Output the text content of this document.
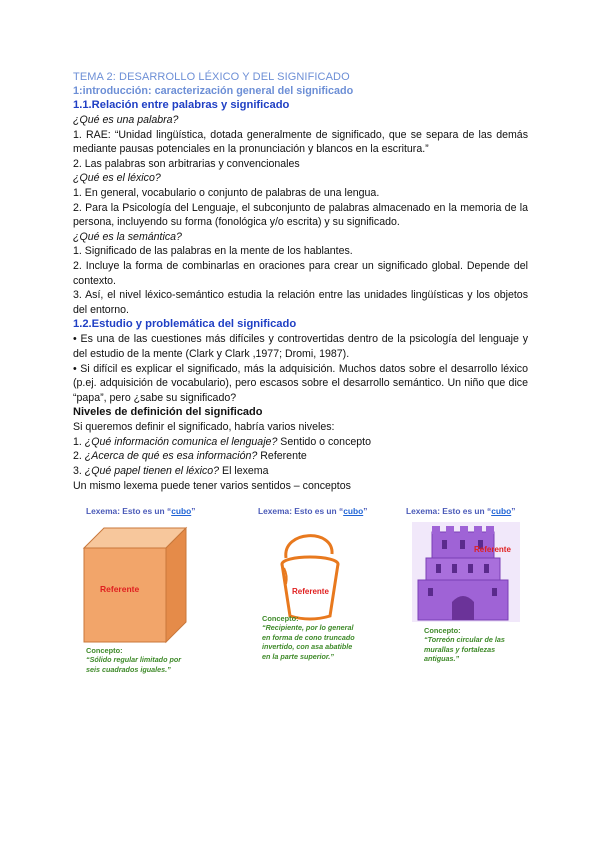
TEMA 2: DESARROLLO LÉXICO Y DEL SIGNIFICADO
1:introducción: caracterización general del significado
1.1.Relación entre palabras y significado

¿Qué es una palabra?

1. RAE: “Unidad lingüística, dotada generalmente de significado, que se separa de las demás mediante pausas potenciales en la pronunciación y blancos en la escritura.”

2. Las palabras son arbitrarias y convencionales

¿Qué es el léxico?

1. En general, vocabulario o conjunto de palabras de una lengua.

2. Para la Psicología del Lenguaje, el subconjunto de palabras almacenado en la memoria de la persona, incluyendo su forma (fonológica y/o escrita) y su significado.

¿Qué es la semántica?

1. Significado de las palabras en la mente de los hablantes.

2. Incluye la forma de combinarlas en oraciones para crear un significado global. Depende del contexto.

3. Así, el nivel léxico-semántico estudia la relación entre las unidades lingüísticas y los objetos del entorno.

1.2.Estudio y problemática del significado

• Es una de las cuestiones más difíciles y controvertidas dentro de la psicología del lenguaje y del estudio de la mente (Clark y Clark ,1977; Dromi, 1987).

• Si difícil es explicar el significado, más la adquisición. Muchos datos sobre el desarrollo léxico (p.ej. adquisición de vocabulario), pero escasos sobre el desarrollo semántico. Un niño que dice “papa”, pero ¿sabe su significado?

Niveles de definición del significado

Si queremos definir el significado, habría varios niveles:

1. ¿Qué información comunica el lenguaje? Sentido o concepto

2. ¿Acerca de qué es esa información? Referente

3. ¿Qué papel tienen el léxico? El lexema

Un mismo lexema puede tener varios sentidos – conceptos

Lexema: Esto es un “cubo”
Referente
Concepto:
“Sólido regular limitado por
seis cuadrados iguales.”
Lexema: Esto es un “cubo”
Referente
Concepto:
“Recipiente, por lo general
en forma de cono truncado
invertido, con asa abatible
en la parte superior.”
Lexema: Esto es un “cubo”
Referente
Concepto:
“Torreón circular de las
murallas y fortalezas
antiguas.”
